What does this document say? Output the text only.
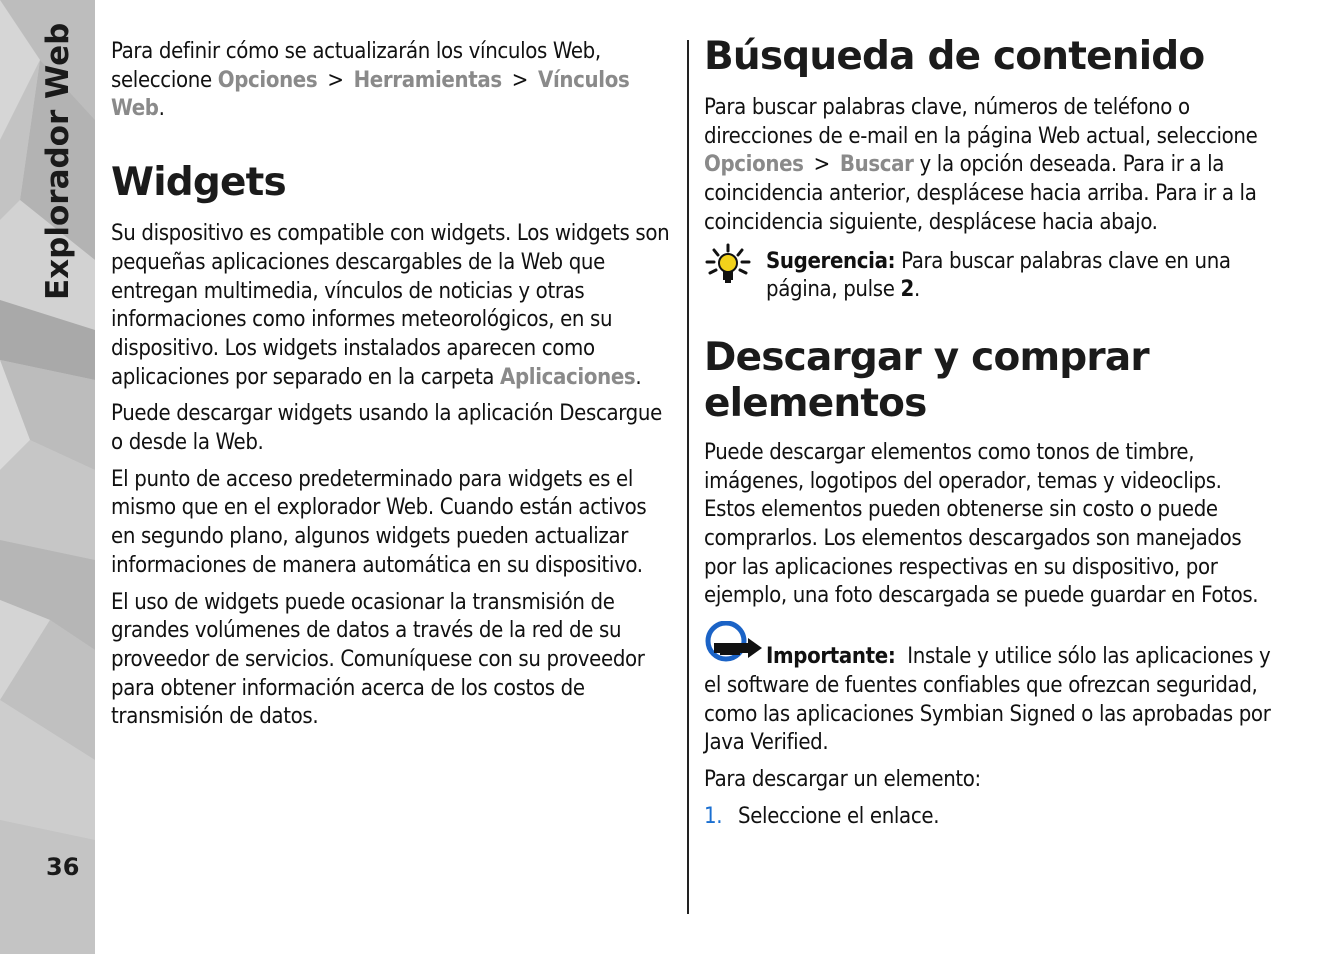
Explorador Web
36

Para definir cómo se actualizarán los vínculos Web, seleccione Opciones > Herramientas > Vínculos Web.

Widgets

Su dispositivo es compatible con widgets. Los widgets son pequeñas aplicaciones descargables de la Web que entregan multimedia, vínculos de noticias y otras informaciones como informes meteorológicos, en su dispositivo. Los widgets instalados aparecen como aplicaciones por separado en la carpeta Aplicaciones.

Puede descargar widgets usando la aplicación Descargue o desde la Web.

El punto de acceso predeterminado para widgets es el mismo que en el explorador Web. Cuando están activos en segundo plano, algunos widgets pueden actualizar informaciones de manera automática en su dispositivo.

El uso de widgets puede ocasionar la transmisión de grandes volúmenes de datos a través de la red de su proveedor de servicios. Comuníquese con su proveedor para obtener información acerca de los costos de transmisión de datos.

Búsqueda de contenido

Para buscar palabras clave, números de teléfono o direcciones de e-mail en la página Web actual, seleccione Opciones > Buscar y la opción deseada. Para ir a la coincidencia anterior, desplácese hacia arriba. Para ir a la coincidencia siguiente, desplácese hacia abajo.

Sugerencia: Para buscar palabras clave en una página, pulse 2.
Descargar y comprar elementos

Puede descargar elementos como tonos de timbre, imágenes, logotipos del operador, temas y videoclips. Estos elementos pueden obtenerse sin costo o puede comprarlos. Los elementos descargados son manejados por las aplicaciones respectivas en su dispositivo, por ejemplo, una foto descargada se puede guardar en Fotos.

Importante: Instale y utilice sólo las aplicaciones y el software de fuentes confiables que ofrezcan seguridad, como las aplicaciones Symbian Signed o las aprobadas por Java Verified.

Para descargar un elemento:

1. Seleccione el enlace.
